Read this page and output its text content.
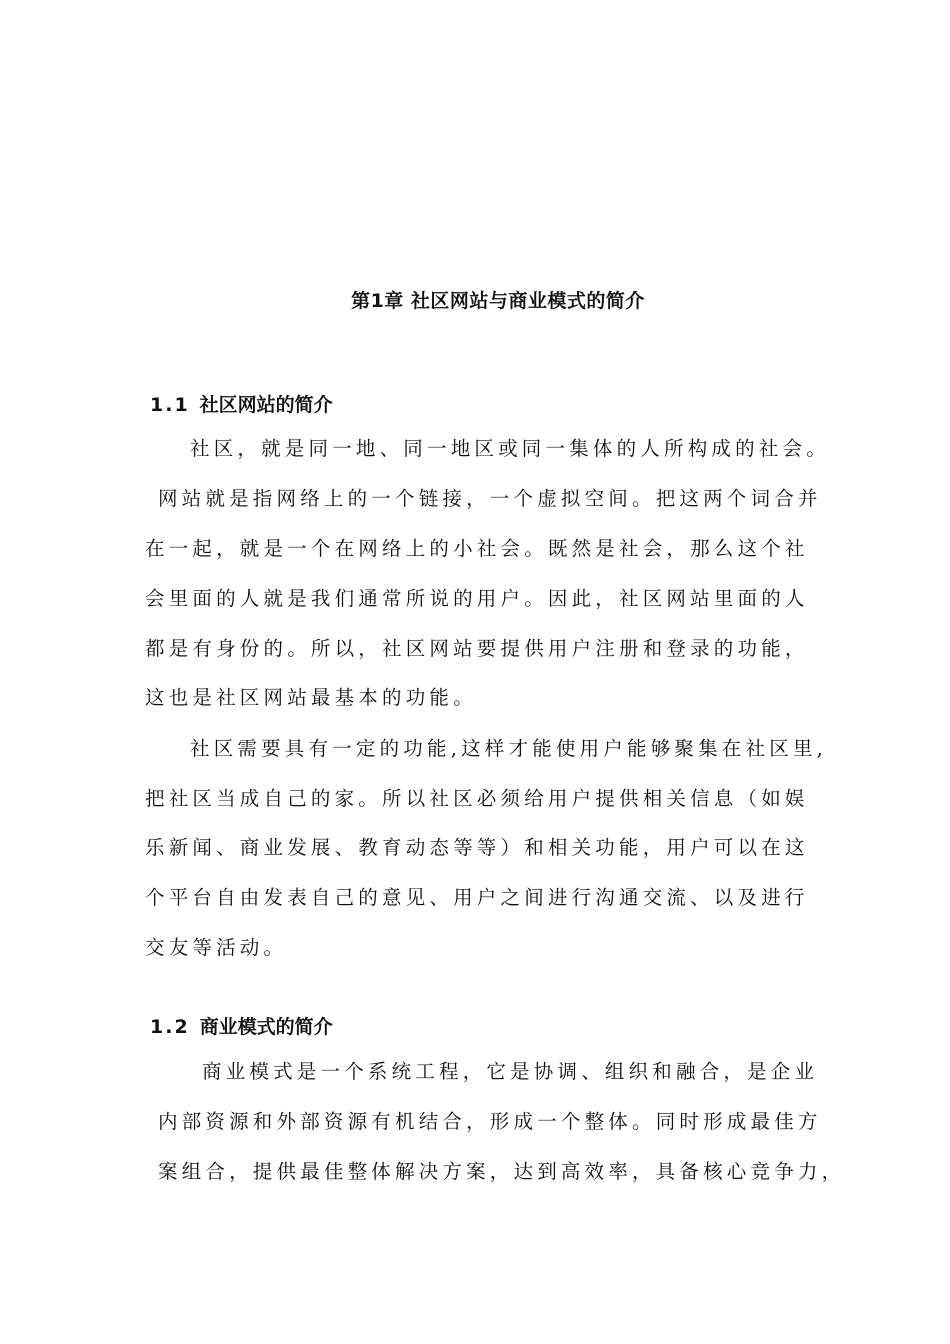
第1章 社区网站与商业模式的简介
1.1 社区网站的简介
社区，就是同一地、同一地区或同一集体的人所构成的社会。
网站就是指网络上的一个链接，一个虚拟空间。把这两个词合并
在一起，就是一个在网络上的小社会。既然是社会，那么这个社
会里面的人就是我们通常所说的用户。因此，社区网站里面的人
都是有身份的。所以，社区网站要提供用户注册和登录的功能，
这也是社区网站最基本的功能。
社区需要具有一定的功能,这样才能使用户能够聚集在社区里,
把社区当成自己的家。所以社区必须给用户提供相关信息（如娱
乐新闻、商业发展、教育动态等等）和相关功能，用户可以在这
个平台自由发表自己的意见、用户之间进行沟通交流、以及进行
交友等活动。
1.2 商业模式的简介
商业模式是一个系统工程，它是协调、组织和融合，是企业
内部资源和外部资源有机结合，形成一个整体。同时形成最佳方
案组合，提供最佳整体解决方案，达到高效率，具备核心竞争力，
